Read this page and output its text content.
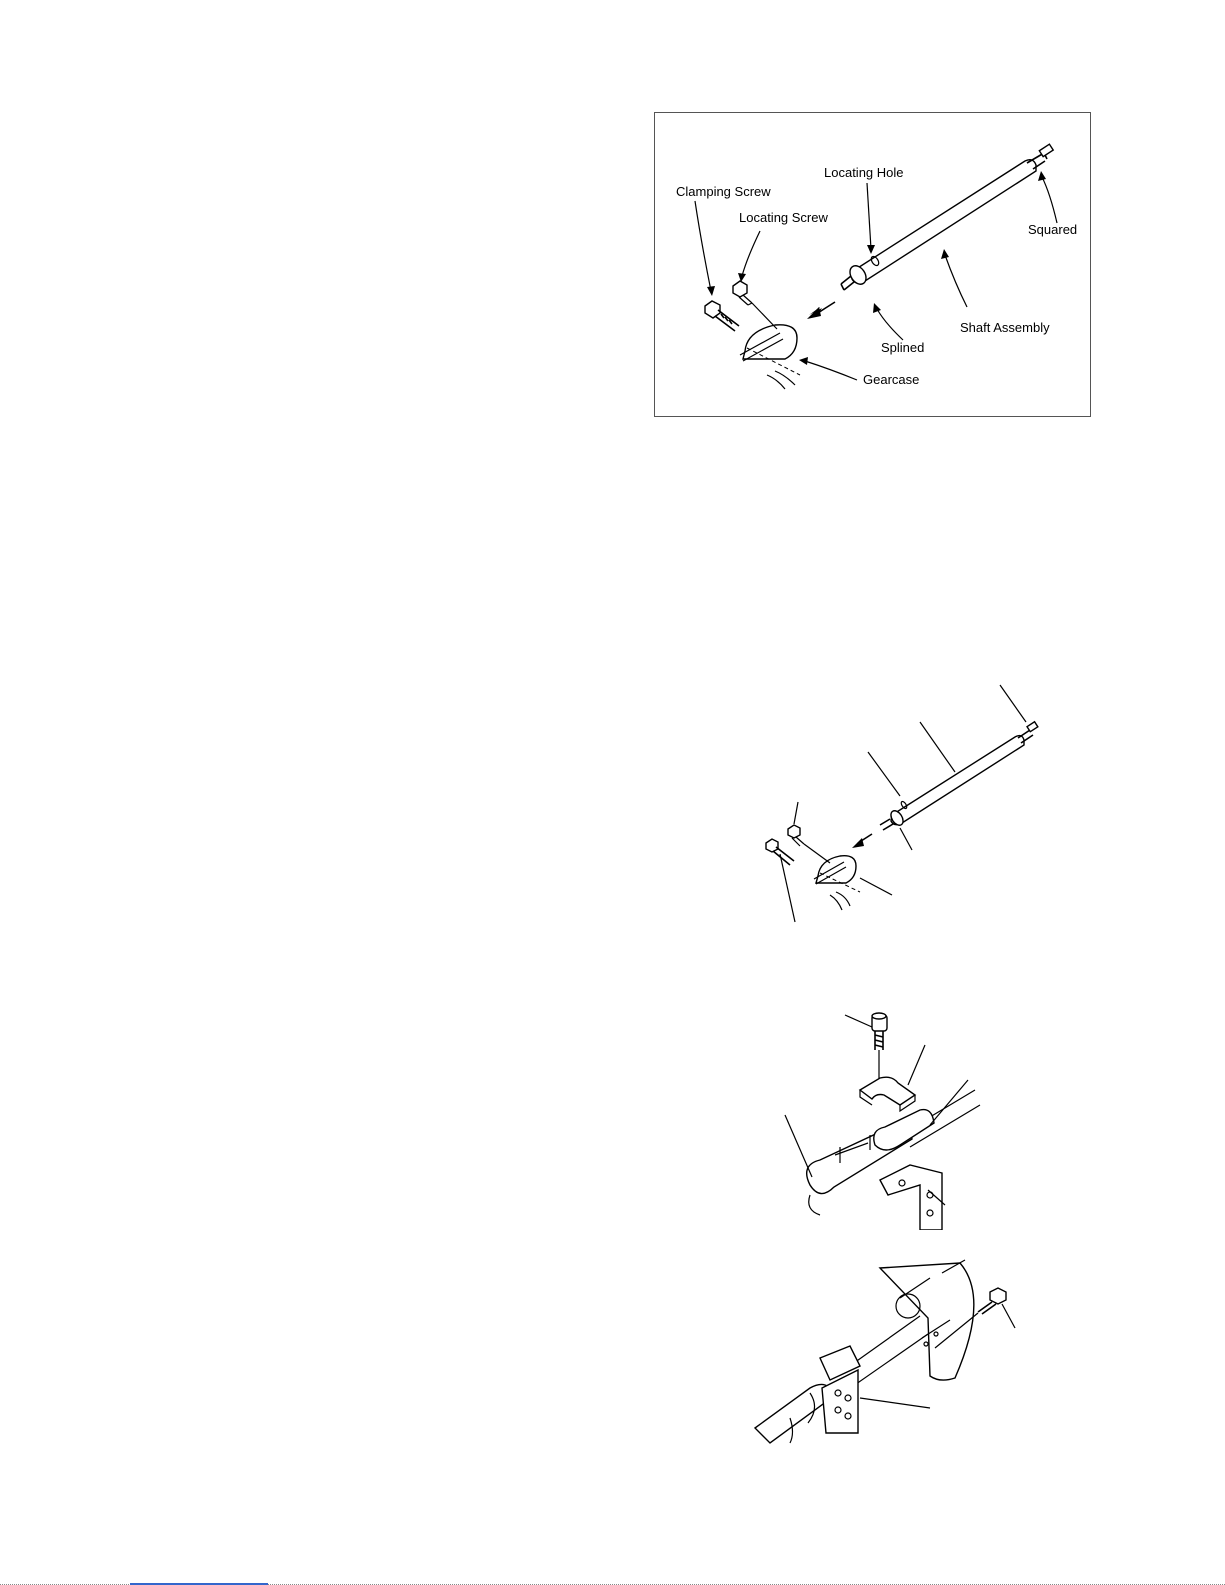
Clamping Screw
Locating Screw
Locating Hole
Squared
Shaft Assembly
Splined
Gearcase
